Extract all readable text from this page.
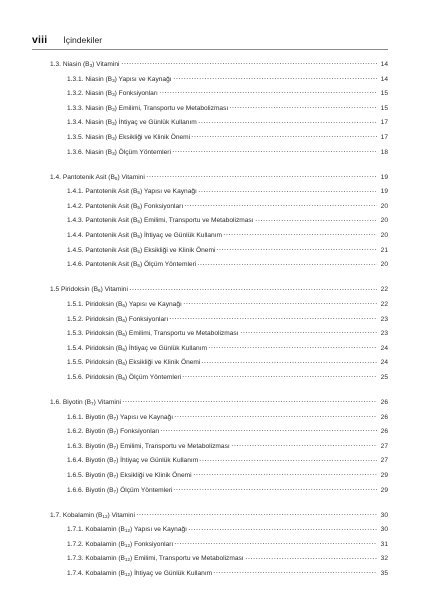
viii İçindekiler
1.3. Niasin $(B_3)$ Vitamini	14
1.3.1. Niasin $(B_3)$ Yapısı ve Kaynağı	14
1.3.2. Niasin $(B_3)$ Fonksiyonları	15
1.3.3. Niasin $(B_3)$ Emilimi, Transportu ve Metabolizması	15
1.3.4. Niasin $(B_3)$ İhtiyaç ve Günlük Kullanım	17
1.3.5. Niasin $(B_3)$ Eksikliği ve Klinik Önemi	17
1.3.6. Niasin $(B_3)$ Ölçüm Yöntemleri	18
1.4. Pantotenik Asit $(B_5)$ Vitamini	19
1.4.1. Pantotenik Asit $(B_5)$ Yapısı ve Kaynağı	19
1.4.2. Pantotenik Asit $(B_5)$ Fonksiyonları	20
1.4.3. Pantotenik Asit $(B_5)$ Emilimi, Transportu ve Metabolizması	20
1.4.4. Pantotenik Asit $(B_5)$ İhtiyaç ve Günlük Kullanım	20
1.4.5. Pantotenik Asit $(B_5)$ Eksikliği ve Klinik Önemi	21
1.4.6. Pantotenik Asit $(B_5)$ Ölçüm Yöntemleri	20
1.5 Piridoksin $(B_6)$ Vitamini	22
1.5.1. Piridoksin $(B_6)$ Yapısı ve Kaynağı	22
1.5.2. Piridoksin $(B_6)$ Fonksiyonları	23
1.5.3. Piridoksin $(B_6)$ Emilimi, Transportu ve Metabolizması	23
1.5.4. Piridoksin $(B_6)$ İhtiyaç ve Günlük Kullanım	24
1.5.5. Piridoksin $(B_6)$ Eksikliği ve Klinik Önemi	24
1.5.6. Piridoksin $(B_6)$ Ölçüm Yöntemleri	25
1.6. Biyotin $(B_7)$ Vitamini	26
1.6.1. Biyotin $(B_7)$ Yapısı ve Kaynağı	26
1.6.2. Biyotin $(B_7)$ Fonksiyonları	26
1.6.3. Biyotin $(B_7)$ Emilimi, Transportu ve Metabolizması	27
1.6.4. Biyotin $(B_7)$ İhtiyaç ve Günlük Kullanım	27
1.6.5. Biyotin $(B_7)$ Eksikliği ve Klinik Önemi	29
1.6.6. Biyotin $(B_7)$ Ölçüm Yöntemleri	29
1.7. Kobalamin $(B_{12})$ Vitamini	30
1.7.1. Kobalamin $(B_{12})$ Yapısı ve Kaynağı	30
1.7.2. Kobalamin $(B_{12})$ Fonksiyonları	31
1.7.3. Kobalamin $(B_{12})$ Emilimi, Transportu ve Metabolizması	32
1.7.4. Kobalamin $(B_{12})$ İhtiyaç ve Günlük Kullanım	35
